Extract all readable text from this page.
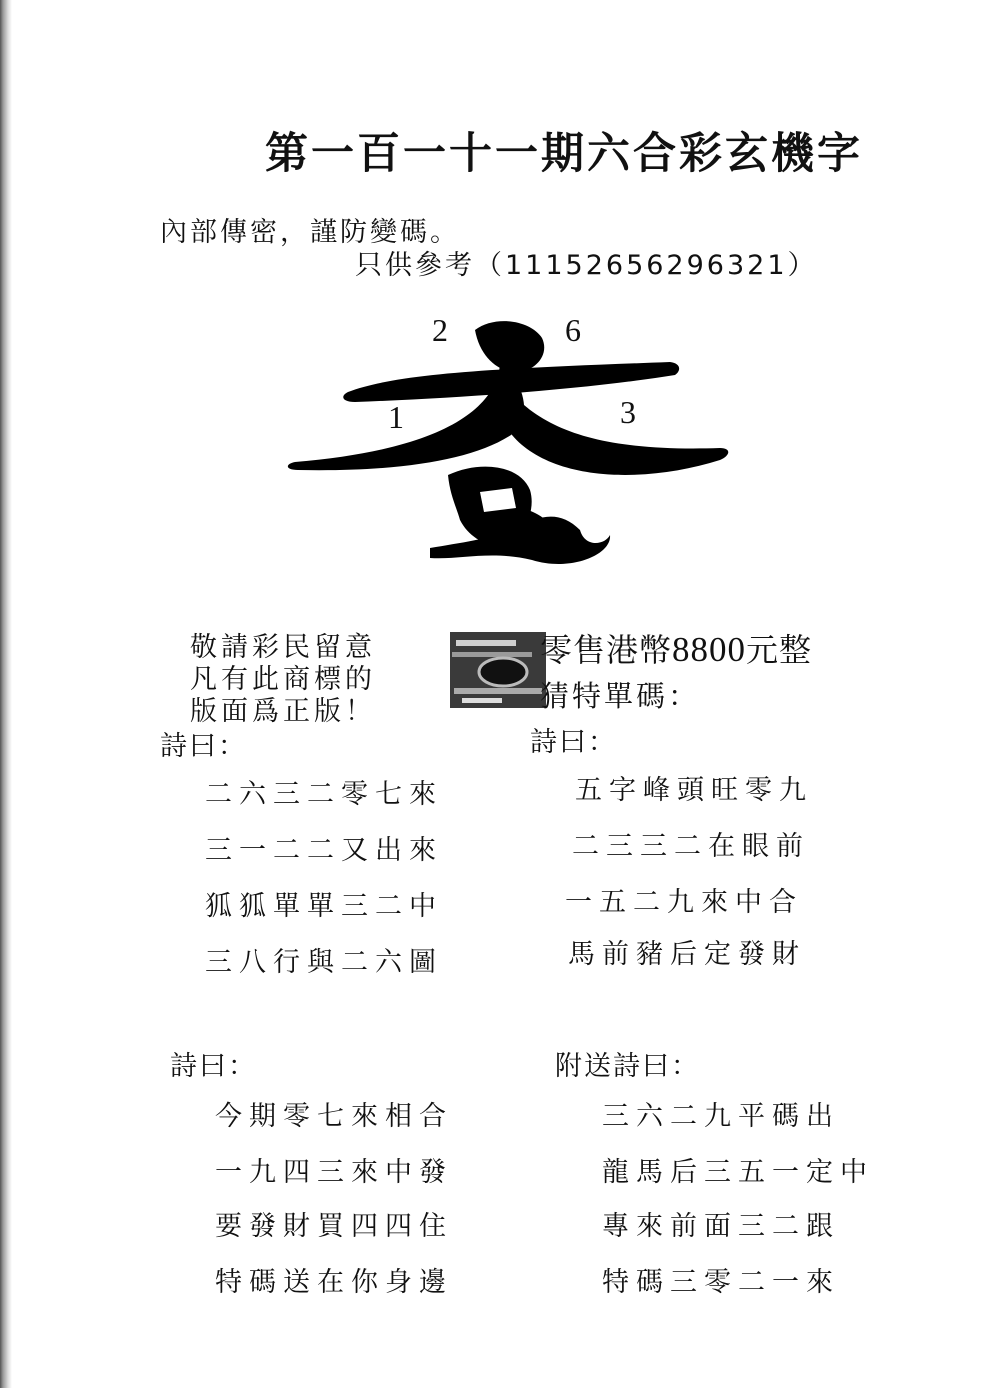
第一百一十一期六合彩玄機字
內部傳密，謹防變碼。
只供參考（11152656296321）
2	6
1	3
敬請彩民留意
凡有此商標的
版面爲正版！
零售港幣8800元整
猜特單碼：
詩曰：
二六三二零七來
三一二二又出來
狐狐單單三二中
三八行與二六圖
詩曰：
五字峰頭旺零九
二三三二在眼前
一五二九來中合
馬前豬后定發財
詩曰：
今期零七來相合
一九四三來中發
要發財買四四住
特碼送在你身邊
附送詩曰：
三六二九平碼出
龍馬后三五一定中
專來前面三二跟
特碼三零二一來
